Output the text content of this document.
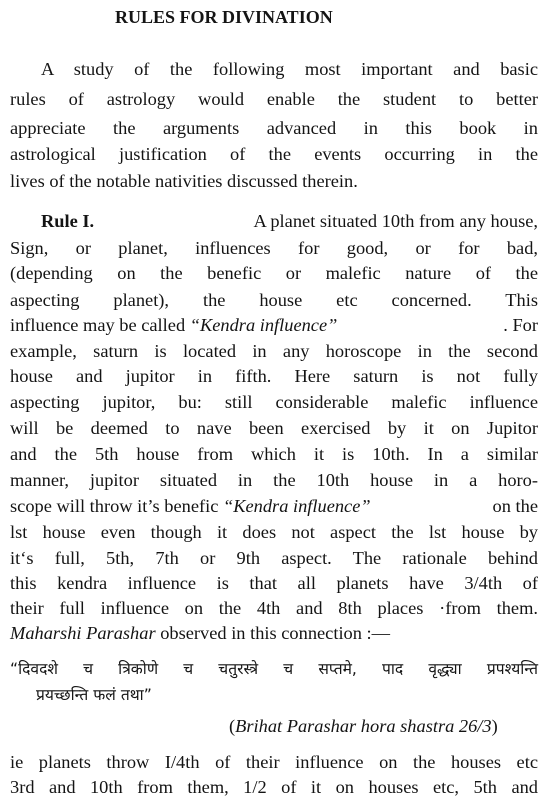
RULES FOR DIVINATION
A study of the following most important and basic
rules of astrology would enable the student to better
appreciate the arguments advanced in this book in
astrological justification of the events occurring in the
lives of the notable nativities discussed therein.
Rule I.	A planet situated 10th from any house,
Sign, or planet, influences for good, or for bad,
(depending on the benefic or malefic nature of the
aspecting planet), the house etc concerned. This
influence may be called “Kendra influence”	. For
example, saturn is located in any horoscope in the second
house and jupitor in fifth. Here saturn is not fully
aspecting jupitor, bu: still considerable malefic influence
will be deemed to nave been exercised by it on Jupitor
and the 5th house from which it is 10th. In a similar
manner, jupitor situated in the 10th house in a horo-
scope will throw it’s benefic “Kendra influence”	on the
lst house even though it does not aspect the lst house by
it‘s full, 5th, 7th or 9th aspect. The rationale behind
this kendra influence is that all planets have 3/4th of
their full influence on the 4th and 8th places ·from them.
Maharshi Parashar observed in this connection :—
“दिवदशे च त्रिकोणे च चतुरस्त्रे च सप्तमे, पाद वृद्ध्या प्रपश्यन्ति
प्रयच्छन्ति फलं तथा”
(Brihat Parashar hora shastra 26/3)
ie planets throw I/4th of their influence on the houses etc
3rd and 10th from them, 1/2 of it on houses etc, 5th and
